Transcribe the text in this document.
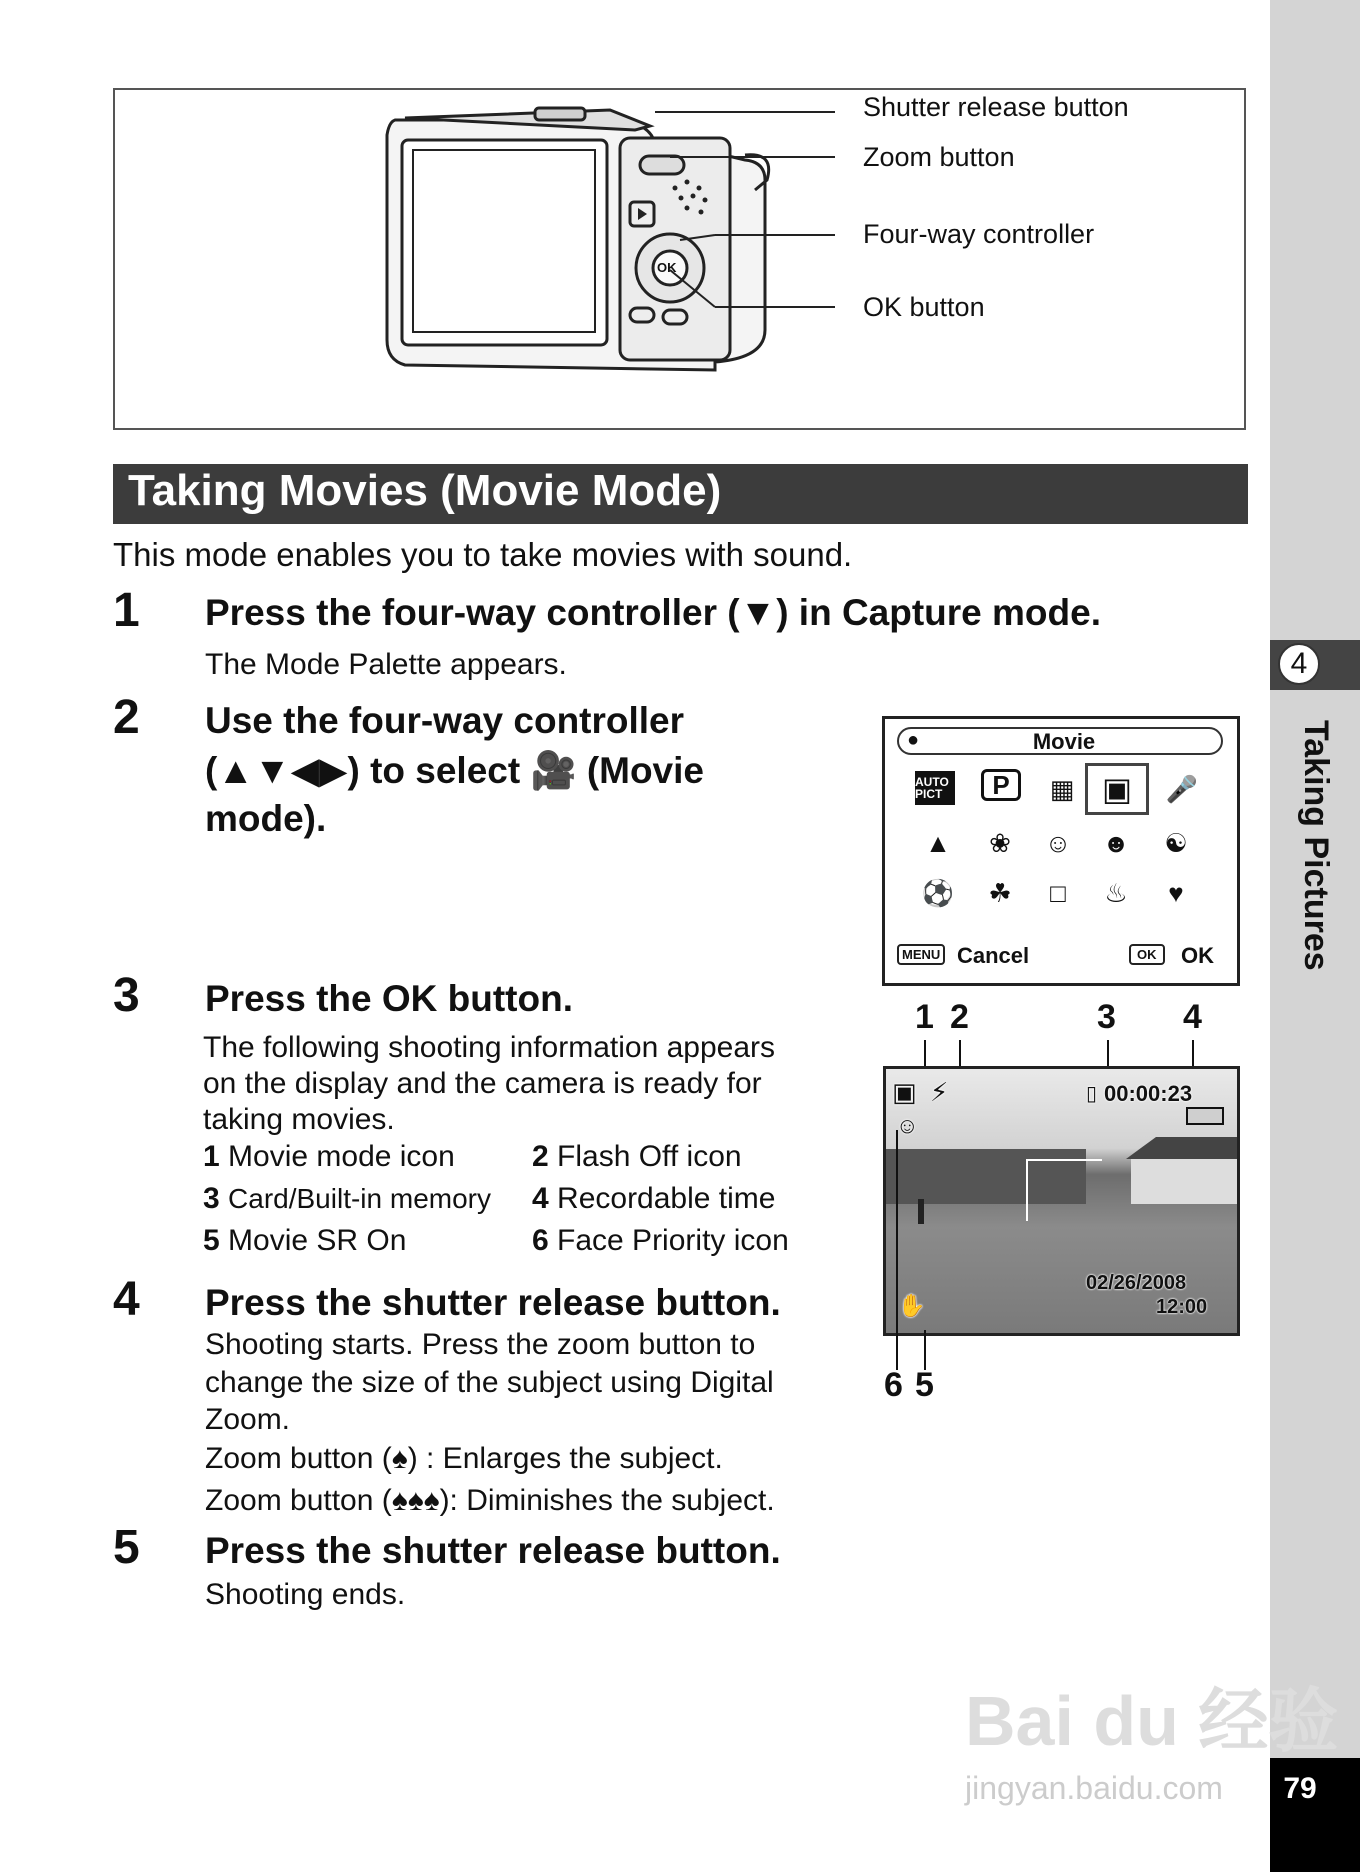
4
Taking Pictures
79
OK
Shutter release button
Zoom button
Four-way controller
OK button
Taking Movies (Movie Mode)
This mode enables you to take movies with sound.
1 Press the four-way controller (▼) in Capture mode.
The Mode Palette appears.
2 Use the four-way controller
(▲▼◀▶) to select 🎥 (Movie
mode).
●	Movie
AUTO PICT	P	▦ ▣	🎤
▲	❀	☺	☻	☯
⚽	☘	□	♨	♥
MENU Cancel	OK	OK
3 Press the OK button.
The following shooting information appears
on the display and the camera is ready for
taking movies.
1 Movie mode icon	2 Flash Off icon
3 Card/Built-in memory 4 Recordable time
5 Movie SR On	6 Face Priority icon
1 2	3 4
▣ ⚡	▯ 00:00:23
☺
02/26/2008
12:00
✋
6 5
4 Press the shutter release button.
Shooting starts. Press the zoom button to
change the size of the subject using Digital
Zoom.
Zoom button (♠) : Enlarges the subject.
Zoom button (♠♠♠): Diminishes the subject.
5 Press the shutter release button.
Shooting ends.
Bai du 经验
jingyan.baidu.com
